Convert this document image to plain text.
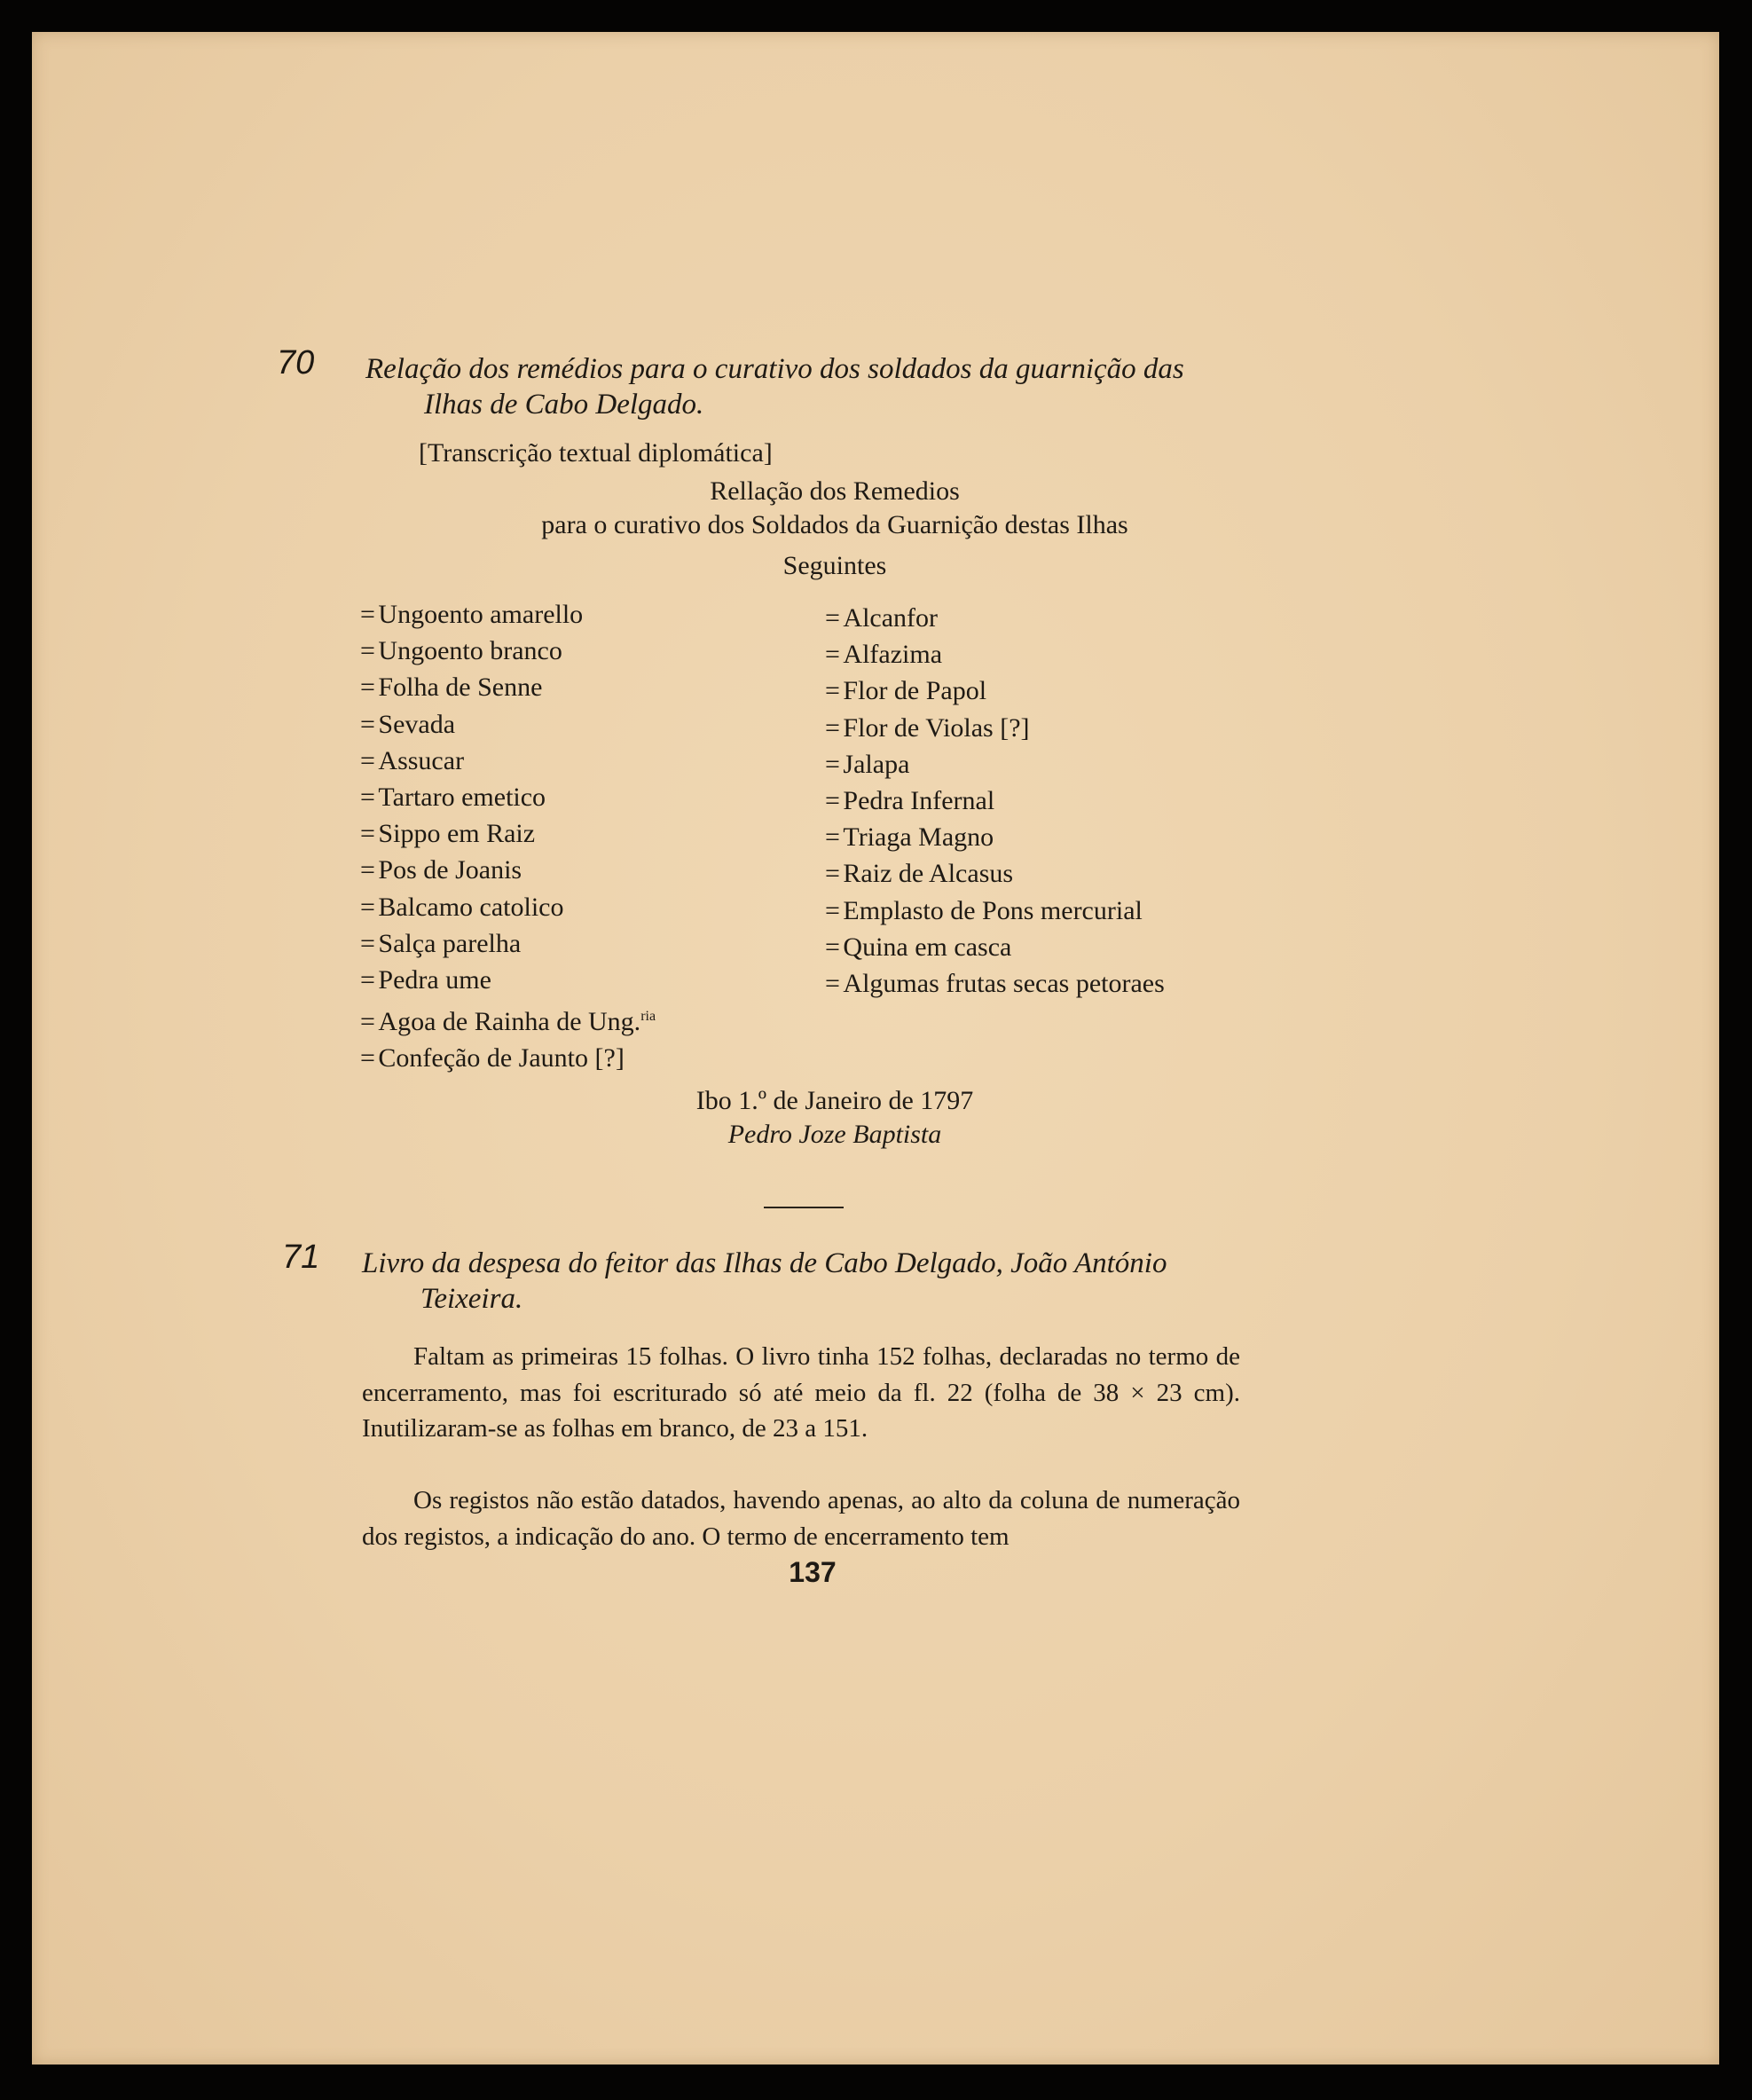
70 Relação dos remédios para o curativo dos soldados da guarnição das
Ilhas de Cabo Delgado.
[Transcrição textual diplomática]
Rellação dos Remedios
para o curativo dos Soldados da Guarnição destas Ilhas
Seguintes
= Ungoento amarello
= Ungoento branco
= Folha de Senne
= Sevada
= Assucar
= Tartaro emetico
= Sippo em Raiz
= Pos de Joanis
= Balcamo catolico
= Salça parelha
= Pedra ume
= Agoa de Rainha de Ung.$^{ria}$
= Confeção de Jaunto [?]
= Alcanfor
= Alfazima
= Flor de Papol
= Flor de Violas [?]
= Jalapa
= Pedra Infernal
= Triaga Magno
= Raiz de Alcasus
= Emplasto de Pons mercurial
= Quina em casca
= Algumas frutas secas petoraes
Ibo 1.º de Janeiro de 1797
Pedro Joze Baptista
71 Livro da despesa do feitor das Ilhas de Cabo Delgado, João António
Teixeira.
Faltam as primeiras 15 folhas. O livro tinha 152 folhas, declaradas no termo de encerramento, mas foi escriturado só até meio da fl. 22 (folha de 38 × 23 cm). Inutilizaram-se as folhas em branco, de 23 a 151.
Os registos não estão datados, havendo apenas, ao alto da coluna de numeração dos registos, a indicação do ano. O termo de encerramento tem
137
